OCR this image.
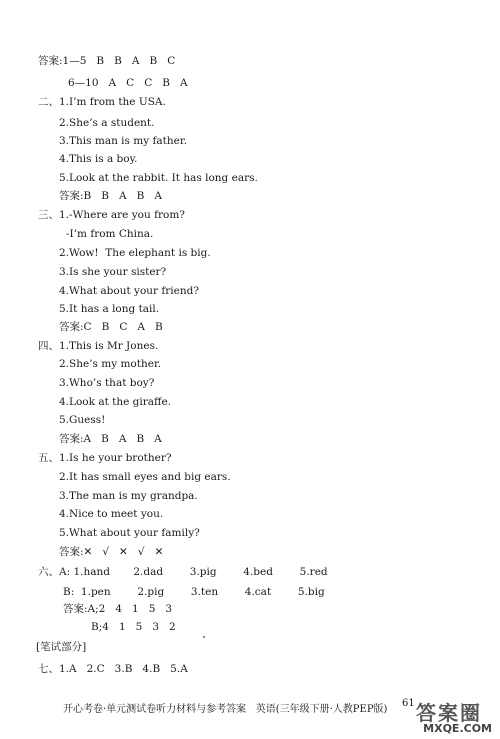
答案:1—5   B   B   A   B   C
6—10   A   C   C   B   A
二、1.I’m from the USA.
2.She’s a student.
3.This man is my father.
4.This is a boy.
5.Look at the rabbit. It has long ears.
答案:B   B   A   B   A
三、1.-Where are you from?
-I’m from China.
2.Wow!  The elephant is big.
3.Is she your sister?
4.What about your friend?
5.It has a long tail.
答案:C   B   C   A   B
四、1.This is Mr Jones.
2.She’s my mother.
3.Who’s that boy?
4.Look at the giraffe.
5.Guess!
答案:A   B   A   B   A
五、1.Is he your brother?
2.It has small eyes and big ears.
3.The man is my grandpa.
4.Nice to meet you.
5.What about your family?
答案:✕   √   ✕   √   ✕
六、A: 1.hand       2.dad        3.pig        4.bed        5.red
B:  1.pen        2.pig        3.ten        4.cat        5.big
答案:A;2   4   1   5   3
B;4   1   5   3   2
[笔试部分]
七、1.A   2.C   3.B   4.B   5.A
开心考卷·单元测试卷听力材料与参考答案   英语(三年级下册·人教PEP版)
61 答案圈
MXQE.COM
